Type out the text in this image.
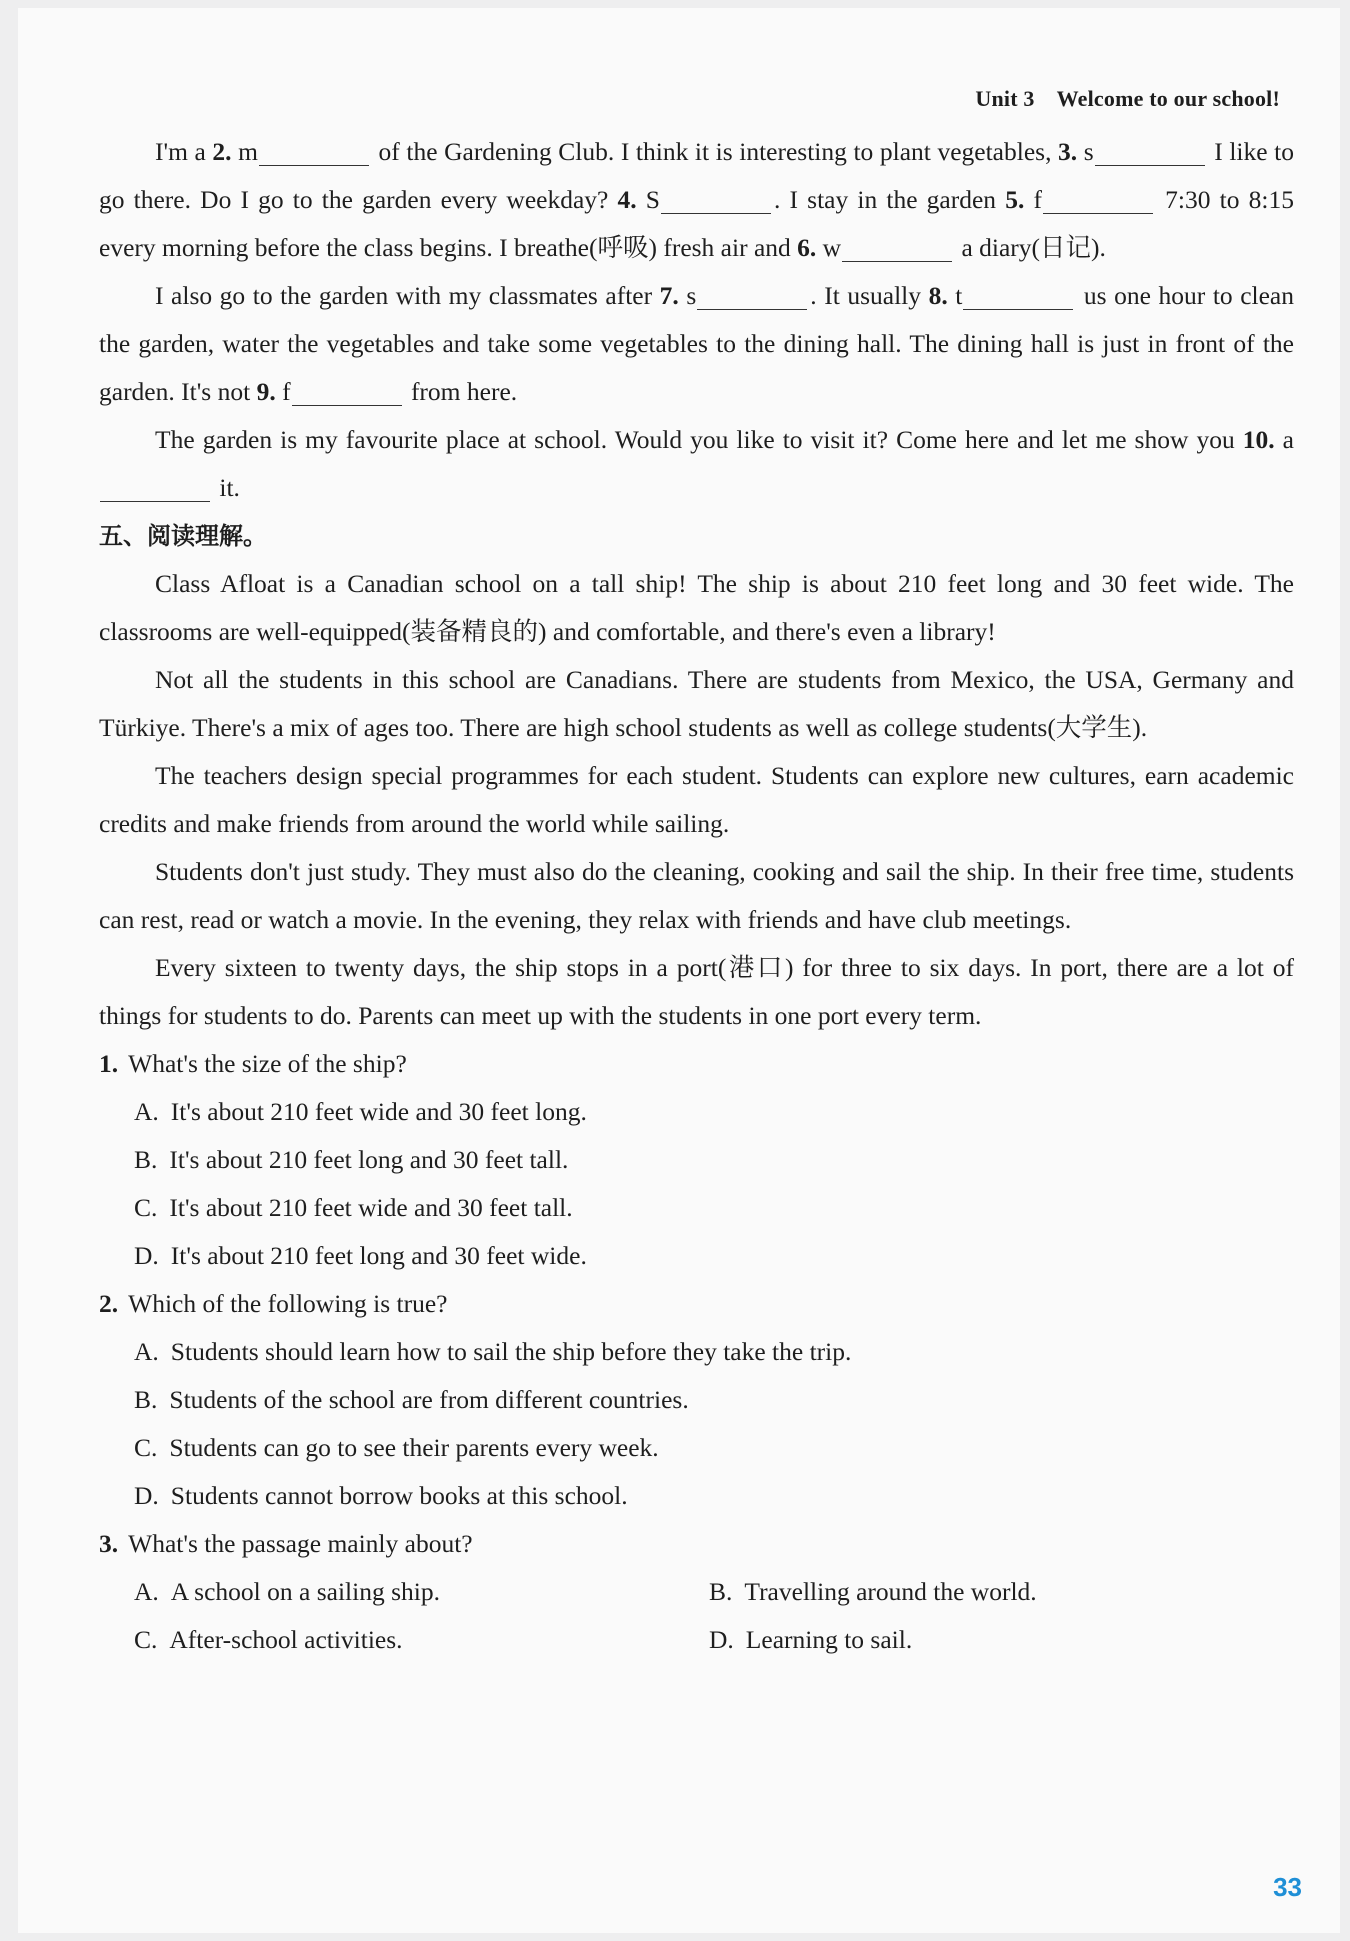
Unit 3 Welcome to our school!

I'm a 2. m	of the Gardening Club. I think it is interesting to plant vegetables, 3. s	I like to go there. Do I go to the garden every weekday? 4. S	. I stay in the garden 5. f	7:30 to 8:15 every morning before the class begins. I breathe(呼吸) fresh air and 6. w	a diary(日记).

I also go to the garden with my classmates after 7. s	. It usually 8. t	us one hour to clean the garden, water the vegetables and take some vegetables to the dining hall. The dining hall is just in front of the garden. It's not 9. f	from here.

The garden is my favourite place at school. Would you like to visit it? Come here and let me show you 10. a it.

五、阅读理解。

Class Afloat is a Canadian school on a tall ship! The ship is about 210 feet long and 30 feet wide. The classrooms are well-equipped(装备精良的) and comfortable, and there's even a library!

Not all the students in this school are Canadians. There are students from Mexico, the USA, Germany and Türkiye. There's a mix of ages too. There are high school students as well as college students(大学生).

The teachers design special programmes for each student. Students can explore new cultures, earn academic credits and make friends from around the world while sailing.

Students don't just study. They must also do the cleaning, cooking and sail the ship. In their free time, students can rest, read or watch a movie. In the evening, they relax with friends and have club meetings.

Every sixteen to twenty days, the ship stops in a port(港口) for three to six days. In port, there are a lot of things for students to do. Parents can meet up with the students in one port every term.

1. What's the size of the ship?

A. It's about 210 feet wide and 30 feet long.

B. It's about 210 feet long and 30 feet tall.

C. It's about 210 feet wide and 30 feet tall.

D. It's about 210 feet long and 30 feet wide.

2. Which of the following is true?

A. Students should learn how to sail the ship before they take the trip.

B. Students of the school are from different countries.

C. Students can go to see their parents every week.

D. Students cannot borrow books at this school.

3. What's the passage mainly about?

A. A school on a sailing ship.	B. Travelling around the world.
C. After-school activities.	D. Learning to sail.
33
